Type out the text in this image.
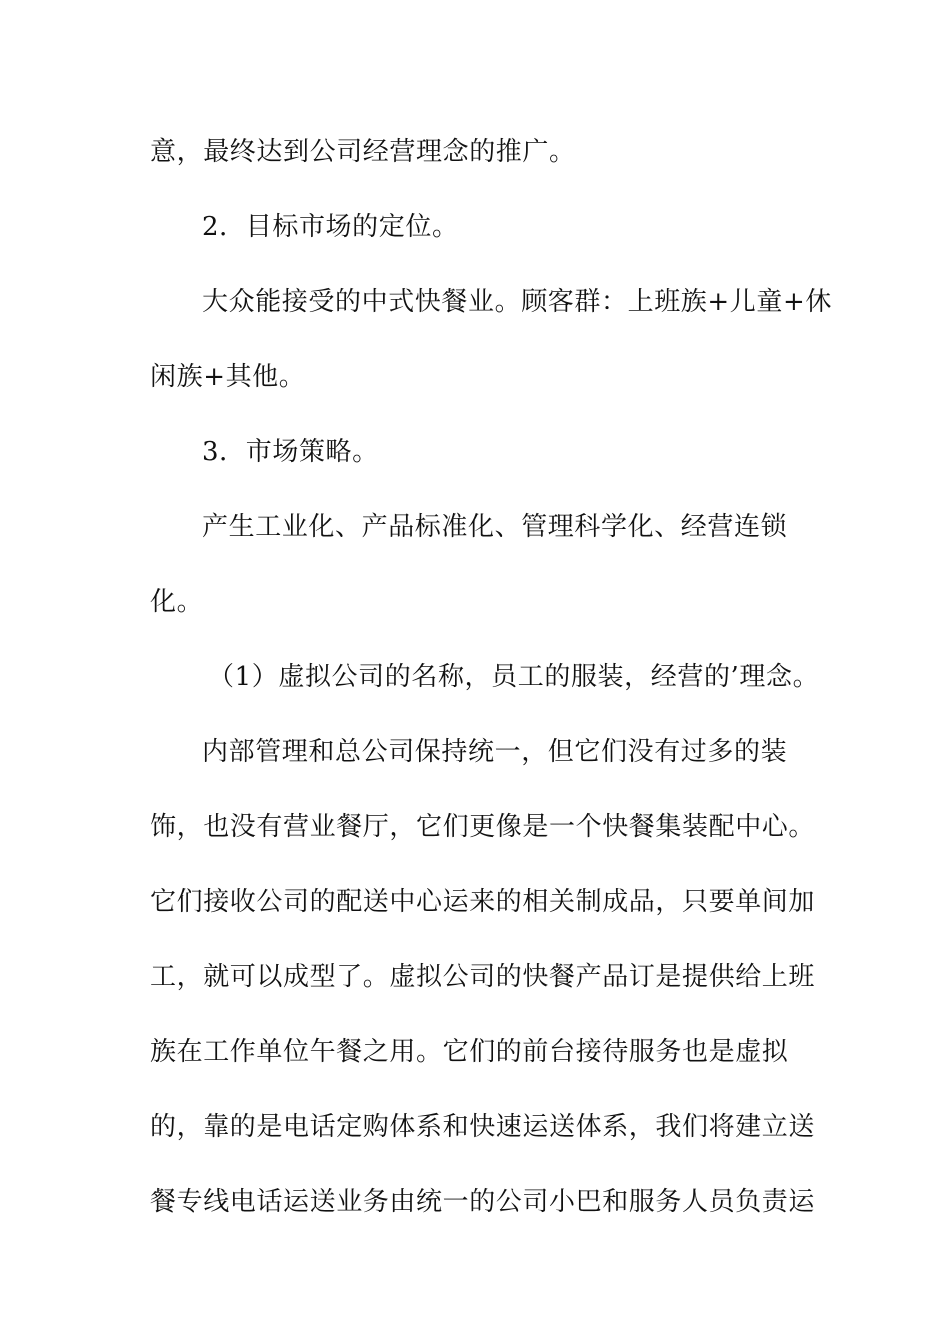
意，最终达到公司经营理念的推广。
2．目标市场的定位。
大众能接受的中式快餐业。顾客群：上班族+儿童+休
闲族+其他。
3．市场策略。
产生工业化、产品标准化、管理科学化、经营连锁
化。
（1）虚拟公司的名称，员工的服装，经营的’理念。
内部管理和总公司保持统一，但它们没有过多的装
饰，也没有营业餐厅，它们更像是一个快餐集装配中心。
它们接收公司的配送中心运来的相关制成品，只要单间加
工，就可以成型了。虚拟公司的快餐产品订是提供给上班
族在工作单位午餐之用。它们的前台接待服务也是虚拟
的，靠的是电话定购体系和快速运送体系，我们将建立送
餐专线电话运送业务由统一的公司小巴和服务人员负责运
